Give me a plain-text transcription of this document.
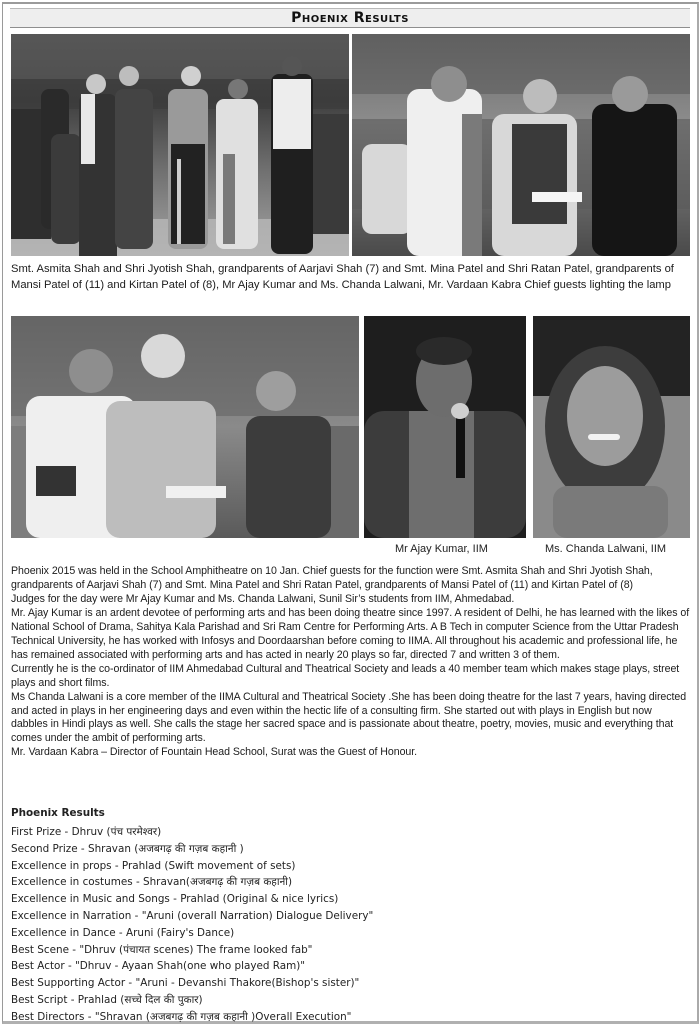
Phoenix Results
Smt. Asmita Shah and Shri Jyotish Shah, grandparents of Aarjavi Shah (7) and Smt. Mina Patel and Shri Ratan Patel, grandparents of Mansi Patel of (11) and Kirtan Patel of (8), Mr Ajay Kumar and Ms. Chanda Lalwani, Mr. Vardaan Kabra Chief guests lighting the lamp
Mr Ajay Kumar, IIM	Ms. Chanda Lalwani, IIM

Phoenix 2015 was held in the School Amphitheatre on 10 Jan. Chief guests for the function were Smt. Asmita Shah and Shri Jyotish Shah, grandparents of Aarjavi Shah (7) and Smt. Mina Patel and Shri Ratan Patel, grandparents of Mansi Patel of (11) and Kirtan Patel of (8)

Judges for the day were Mr Ajay Kumar and Ms. Chanda Lalwani, Sunil Sir’s students from IIM, Ahmedabad.

Mr. Ajay Kumar is an ardent devotee of performing arts and has been doing theatre since 1997. A resident of Delhi, he has learned with the likes of National School of Drama, Sahitya Kala Parishad and Sri Ram Centre for Performing Arts. A B Tech in computer Science from the Uttar Pradesh Technical University, he has worked with Infosys and Doordaarshan before coming to IIMA. All throughout his academic and professional life, he has remained associated with performing arts and has acted in nearly 20 plays so far, directed 7 and written 3 of them.

Currently he is the co-ordinator of IIM Ahmedabad Cultural and Theatrical Society and leads a 40 member team which makes stage plays, street plays and short films.

Ms Chanda Lalwani is a core member of the IIMA Cultural and Theatrical Society .She has been doing theatre for the last 7 years, having directed and acted in plays in her engineering days and even within the hectic life of a consulting firm. She started out with plays in English but now dabbles in Hindi plays as well. She calls the stage her sacred space and is passionate about theatre, poetry, movies, music and everything that comes under the ambit of performing arts.

Mr. Vardaan Kabra – Director of Fountain Head School, Surat was the Guest of Honour.

Phoenix Results
First Prize - Dhruv (पंच परमेश्वर)
Second Prize - Shravan (अजबगढ़ की गज़ब कहानी )
Excellence in props - Prahlad (Swift movement of sets)
Excellence in costumes - Shravan(अजबगढ़ की गज़ब कहानी)
Excellence in Music and Songs - Prahlad (Original & nice lyrics)
Excellence in Narration - "Aruni (overall Narration) Dialogue Delivery"
Excellence in Dance - Aruni (Fairy's Dance)
Best Scene - "Dhruv (पंचायत scenes) The frame looked fab"
Best Actor - "Dhruv - Ayaan Shah(one who played Ram)"
Best Supporting Actor - "Aruni - Devanshi Thakore(Bishop's sister)"
Best Script - Prahlad (सच्चे दिल की पुकार)
Best Directors - "Shravan (अजबगढ़ की गज़ब कहानी )Overall Execution"
